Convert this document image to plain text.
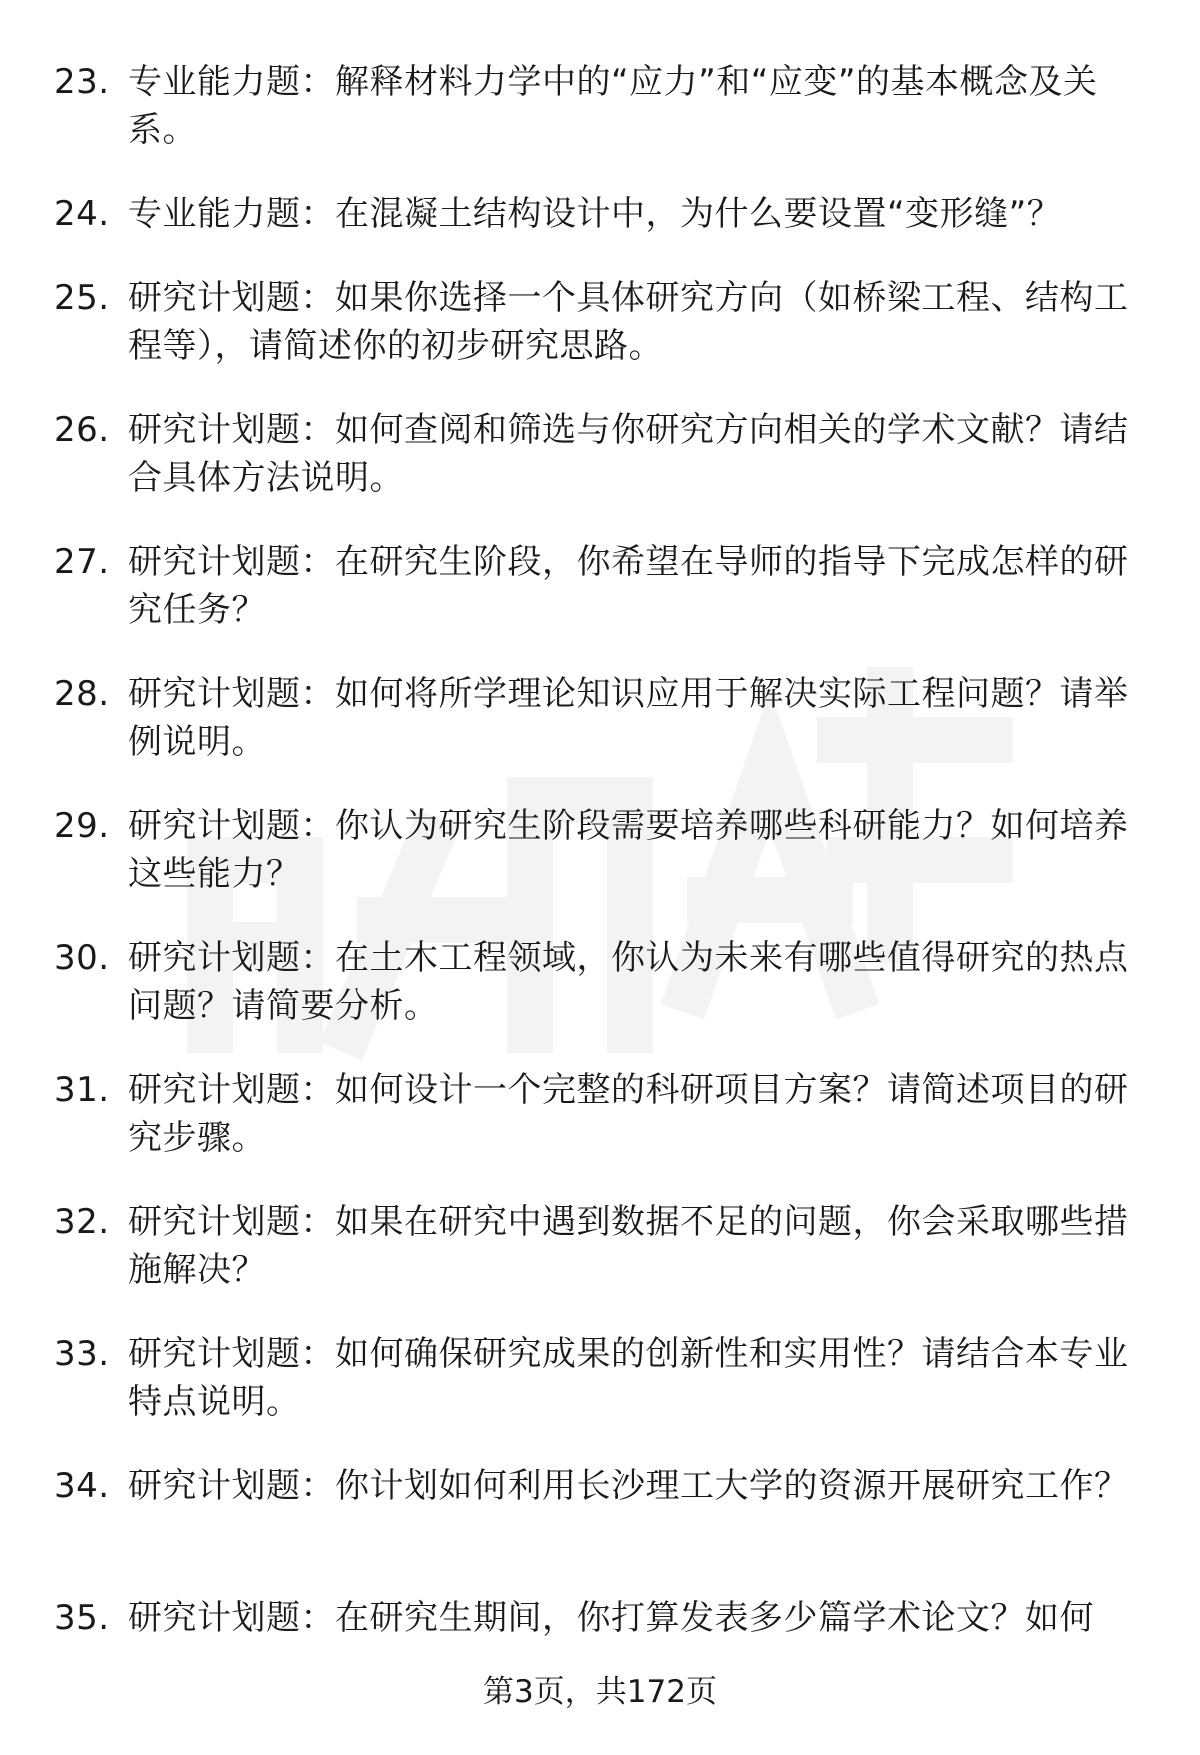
23. 专业能力题：解释材料力学中的“应力”和“应变”的基本概念及关系。
24. 专业能力题：在混凝土结构设计中，为什么要设置“变形缝”？
25. 研究计划题：如果你选择一个具体研究方向（如桥梁工程、结构工程等），请简述你的初步研究思路。
26. 研究计划题：如何查阅和筛选与你研究方向相关的学术文献？请结合具体方法说明。
27. 研究计划题：在研究生阶段，你希望在导师的指导下完成怎样的研究任务？
28. 研究计划题：如何将所学理论知识应用于解决实际工程问题？请举例说明。
29. 研究计划题：你认为研究生阶段需要培养哪些科研能力？如何培养这些能力？
30. 研究计划题：在土木工程领域，你认为未来有哪些值得研究的热点问题？请简要分析。
31. 研究计划题：如何设计一个完整的科研项目方案？请简述项目的研究步骤。
32. 研究计划题：如果在研究中遇到数据不足的问题，你会采取哪些措施解决？
33. 研究计划题：如何确保研究成果的创新性和实用性？请结合本专业特点说明。
34. 研究计划题：你计划如何利用长沙理工大学的资源开展研究工作？
35. 研究计划题：在研究生期间，你打算发表多少篇学术论文？如何
第3页，共172页
